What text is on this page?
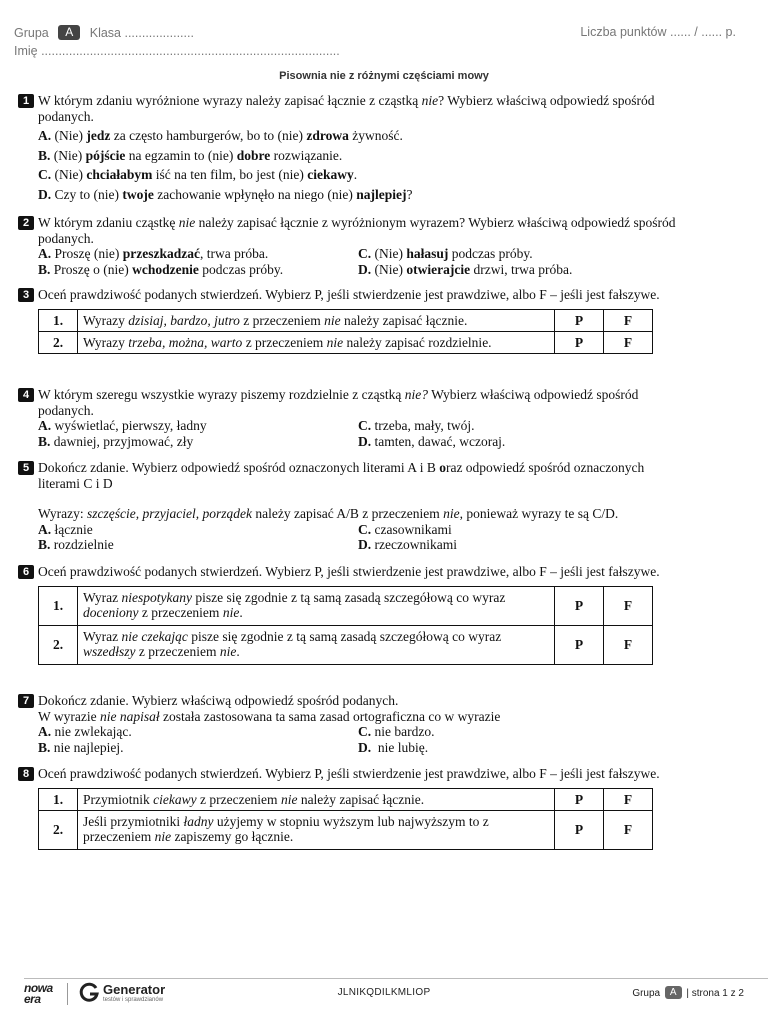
Grupa A Klasa ....................	Liczba punktów ...... / ...... p.
Imię ......................................................................................
Pisownia nie z różnymi częściami mowy
1 W którym zdaniu wyróżnione wyrazy należy zapisać łącznie z cząstką nie? Wybierz właściwą odpowiedź spośród podanych.
A. (Nie) jedz za często hamburgerów, bo to (nie) zdrowa żywność.
B. (Nie) pójście na egzamin to (nie) dobre rozwiązanie.
C. (Nie) chciałabym iść na ten film, bo jest (nie) ciekawy.
D. Czy to (nie) twoje zachowanie wpłynęło na niego (nie) najlepiej?
2 W którym zdaniu cząstkę nie należy zapisać łącznie z wyróżnionym wyrazem? Wybierz właściwą odpowiedź spośród podanych.
A. Proszę (nie) przeszkadzać, trwa próba.	C. (Nie) hałasuj podczas próby.
B. Proszę o (nie) wchodzenie podczas próby.	D. (Nie) otwierajcie drzwi, trwa próba.
3 Oceń prawdziwość podanych stwierdzeń. Wybierz P, jeśli stwierdzenie jest prawdziwe, albo F – jeśli jest fałszywe.
1.	Wyrazy dzisiaj, bardzo, jutro z przeczeniem nie należy zapisać łącznie.	P	F
2.	Wyrazy trzeba, można, warto z przeczeniem nie należy zapisać rozdzielnie.	P	F
4 W którym szeregu wszystkie wyrazy piszemy rozdzielnie z cząstką nie? Wybierz właściwą odpowiedź spośród podanych.
A. wyświetlać, pierwszy, ładny	C. trzeba, mały, twój.
B. dawniej, przyjmować, zły	D. tamten, dawać, wczoraj.
5 Dokończ zdanie. Wybierz odpowiedź spośród oznaczonych literami A i B oraz odpowiedź spośród oznaczonych literami C i D
Wyrazy: szczęście, przyjaciel, porządek należy zapisać A/B z przeczeniem nie, ponieważ wyrazy te są C/D.
A. łącznie	C. czasownikami
B. rozdzielnie	D. rzeczownikami
6 Oceń prawdziwość podanych stwierdzeń. Wybierz P, jeśli stwierdzenie jest prawdziwe, albo F – jeśli jest fałszywe.
1.	Wyraz niespotykany pisze się zgodnie z tą samą zasadą szczegółową co wyraz doceniony z przeczeniem nie.	P	F
2.	Wyraz nie czekając pisze się zgodnie z tą samą zasadą szczegółową co wyraz wszedłszy z przeczeniem nie.	P	F
7 Dokończ zdanie. Wybierz właściwą odpowiedź spośród podanych.
W wyrazie nie napisał została zastosowana ta sama zasad ortograficzna co w wyrazie
A. nie zwlekając.	C. nie bardzo.
B. nie najlepiej.	D.  nie lubię.
8 Oceń prawdziwość podanych stwierdzeń. Wybierz P, jeśli stwierdzenie jest prawdziwe, albo F – jeśli jest fałszywe.
1.	Przymiotnik ciekawy z przeczeniem nie należy zapisać łącznie.	P	F
2.	Jeśli przymiotniki ładny użyjemy w stopniu wyższym lub najwyższym to z przeczeniem nie zapiszemy go łącznie.	P	F
nowa era
Generator
testów i sprawdzianów
JLNIKQDILKMLIOP	Grupa A | strona 1 z 2
